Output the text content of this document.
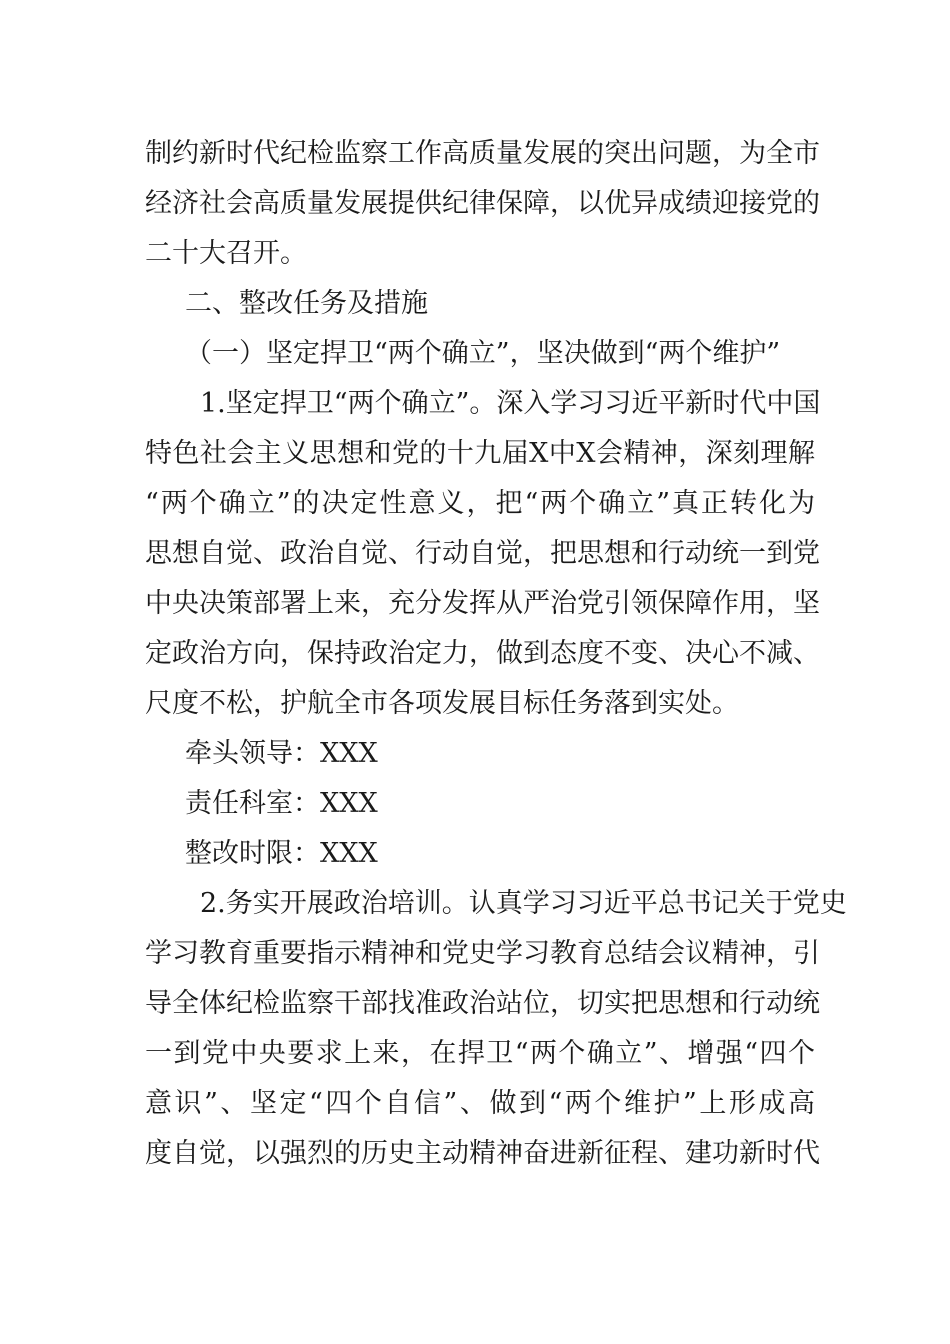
制约新时代纪检监察工作高质量发展的突出问题，为全市
经济社会高质量发展提供纪律保障，以优异成绩迎接党的
二十大召开。
二、整改任务及措施
（一）坚定捍卫“两个确立”，坚决做到“两个维护”
1.坚定捍卫“两个确立”。深入学习习近平新时代中国
特色社会主义思想和党的十九届X中X会精神，深刻理解
“两个确立”的决定性意义，把“两个确立”真正转化为
思想自觉、政治自觉、行动自觉，把思想和行动统一到党
中央决策部署上来，充分发挥从严治党引领保障作用，坚
定政治方向，保持政治定力，做到态度不变、决心不减、
尺度不松，护航全市各项发展目标任务落到实处。
牵头领导：XXX
责任科室：XXX
整改时限：XXX
2.务实开展政治培训。认真学习习近平总书记关于党史
学习教育重要指示精神和党史学习教育总结会议精神，引
导全体纪检监察干部找准政治站位，切实把思想和行动统
一到党中央要求上来，在捍卫“两个确立”、增强“四个
意识”、坚定“四个自信”、做到“两个维护”上形成高
度自觉，以强烈的历史主动精神奋进新征程、建功新时代
